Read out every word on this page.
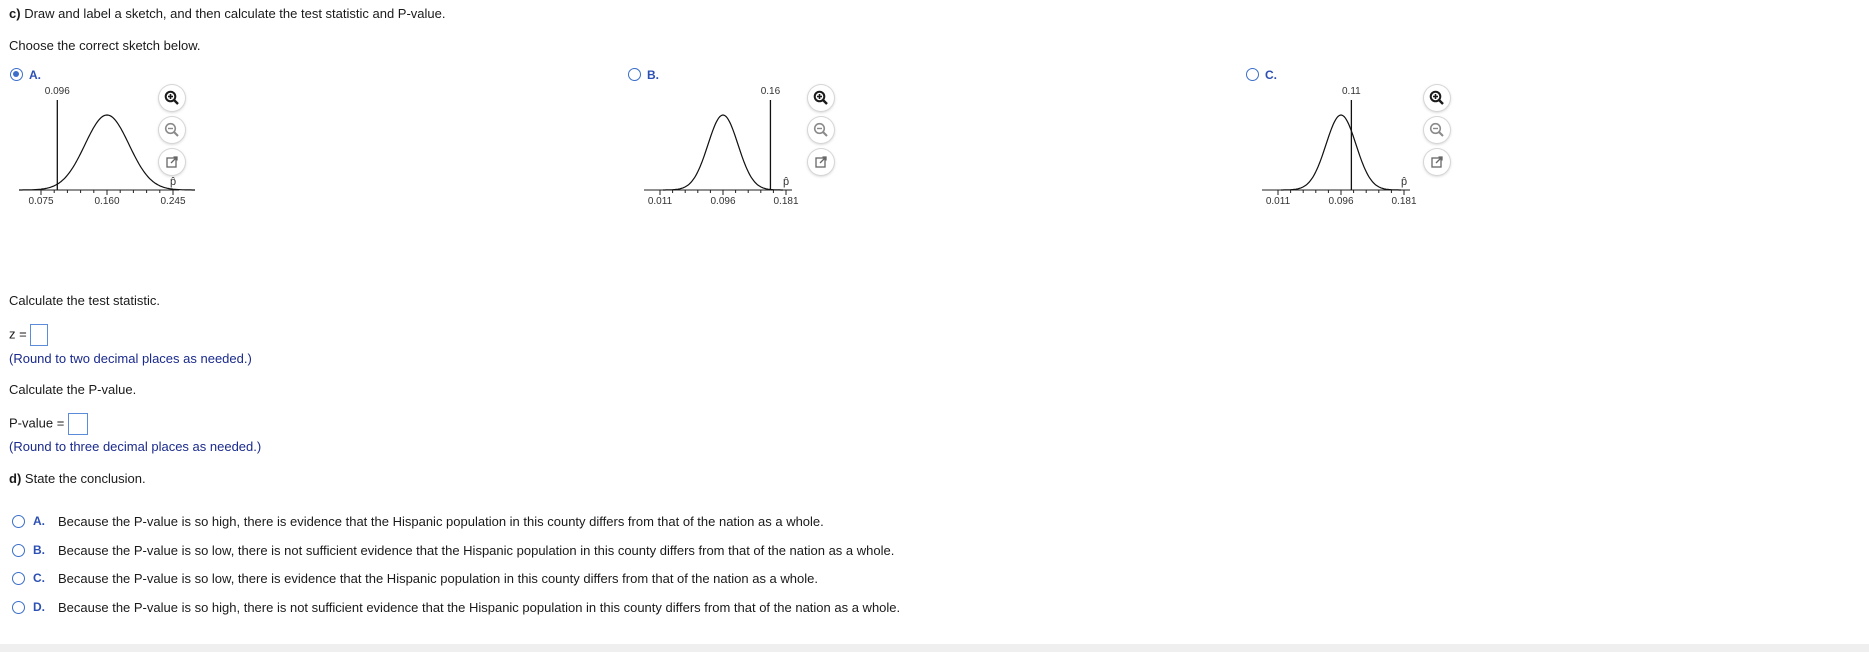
c) Draw and label a sketch, and then calculate the test statistic and P-value.
Choose the correct sketch below.
A.
0.075	0.160	0.245
p̂
0.096
B.
0.011	0.096	0.181
p̂
0.16
C.
0.011	0.096	0.181
p̂
0.11
Calculate the test statistic.
z =
(Round to two decimal places as needed.)
Calculate the P-value.
P-value =
(Round to three decimal places as needed.)
d) State the conclusion.
A. Because the P-value is so high, there is evidence that the Hispanic population in this county differs from that of the nation as a whole.
B. Because the P-value is so low, there is not sufficient evidence that the Hispanic population in this county differs from that of the nation as a whole.
C. Because the P-value is so low, there is evidence that the Hispanic population in this county differs from that of the nation as a whole.
D. Because the P-value is so high, there is not sufficient evidence that the Hispanic population in this county differs from that of the nation as a whole.
